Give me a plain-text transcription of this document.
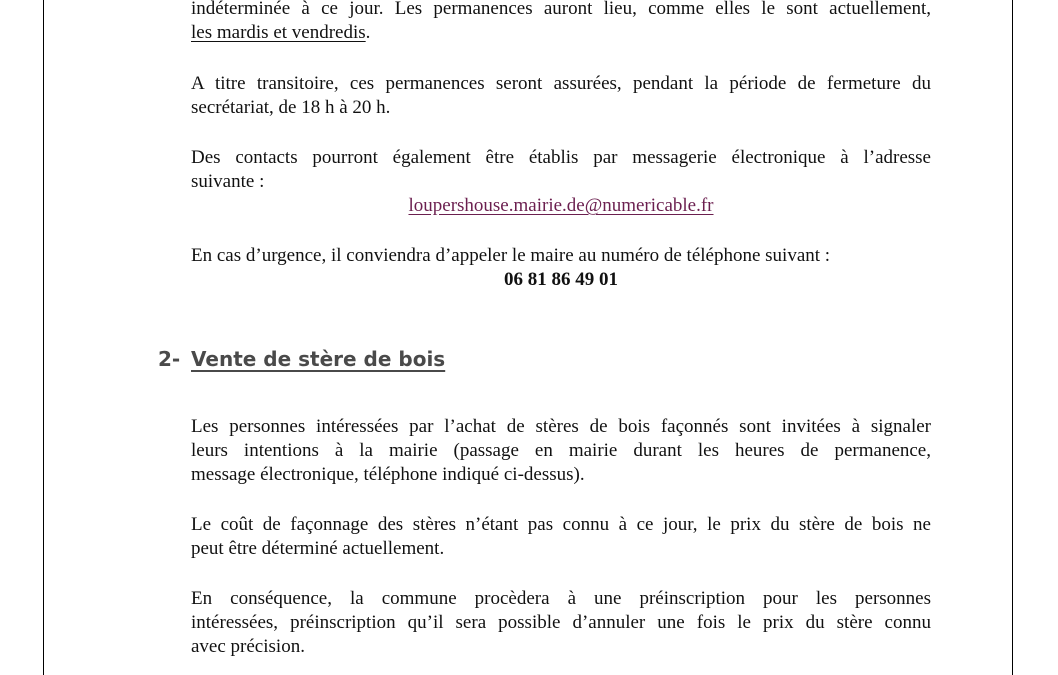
indéterminée à ce jour. Les permanences auront lieu, comme elles le sont actuellement,
les mardis et vendredis.
A titre transitoire, ces permanences seront assurées, pendant la période de fermeture du
secrétariat, de 18 h à 20 h.
Des contacts pourront également être établis par messagerie électronique à l’adresse
suivante :
loupershouse.mairie.de@numericable.fr
En cas d’urgence, il conviendra d’appeler le maire au numéro de téléphone suivant :
06 81 86 49 01
2- Vente de stère de bois
Les personnes intéressées par l’achat de stères de bois façonnés sont invitées à signaler
leurs intentions à la mairie (passage en mairie durant les heures de permanence,
message électronique, téléphone indiqué ci-dessus).
Le coût de façonnage des stères n’étant pas connu à ce jour, le prix du stère de bois ne
peut être déterminé actuellement.
En conséquence, la commune procèdera à une préinscription pour les personnes
intéressées, préinscription qu’il sera possible d’annuler une fois le prix du stère connu
avec précision.
